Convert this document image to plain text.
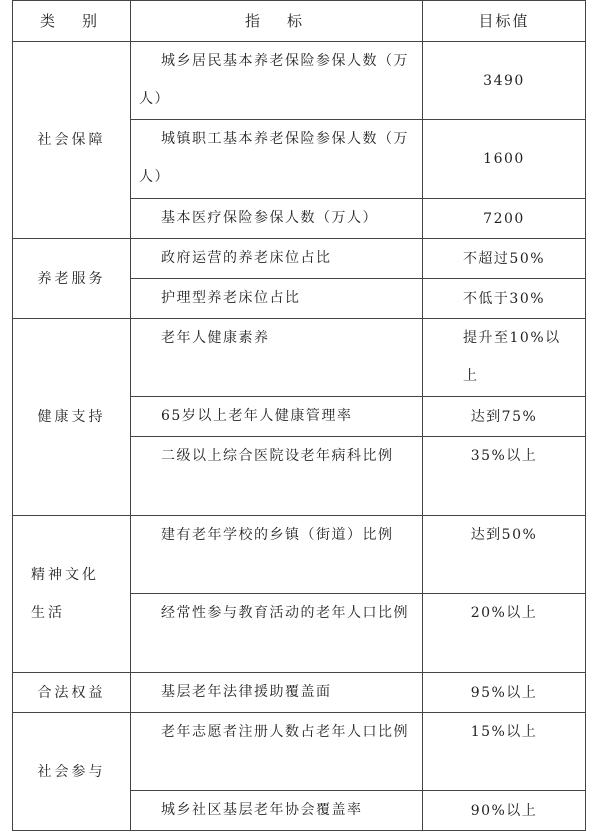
类　别	指　标	目标值
社会保障	城乡居民基本养老保险参保人数（万人）	3490
	城镇职工基本养老保险参保人数（万人）	1600
	基本医疗保险参保人数（万人）	7200
养老服务	政府运营的养老床位占比	不超过50%
	护理型养老床位占比	不低于30%
健康支持	老年人健康素养	提升至10%以上
	65岁以上老年人健康管理率	达到75%
	二级以上综合医院设老年病科比例	35%以上
精神文化生活	建有老年学校的乡镇（街道）比例	达到50%
	经常性参与教育活动的老年人口比例	20%以上
合法权益	基层老年法律援助覆盖面	95%以上
社会参与	老年志愿者注册人数占老年人口比例	15%以上
	城乡社区基层老年协会覆盖率	90%以上
